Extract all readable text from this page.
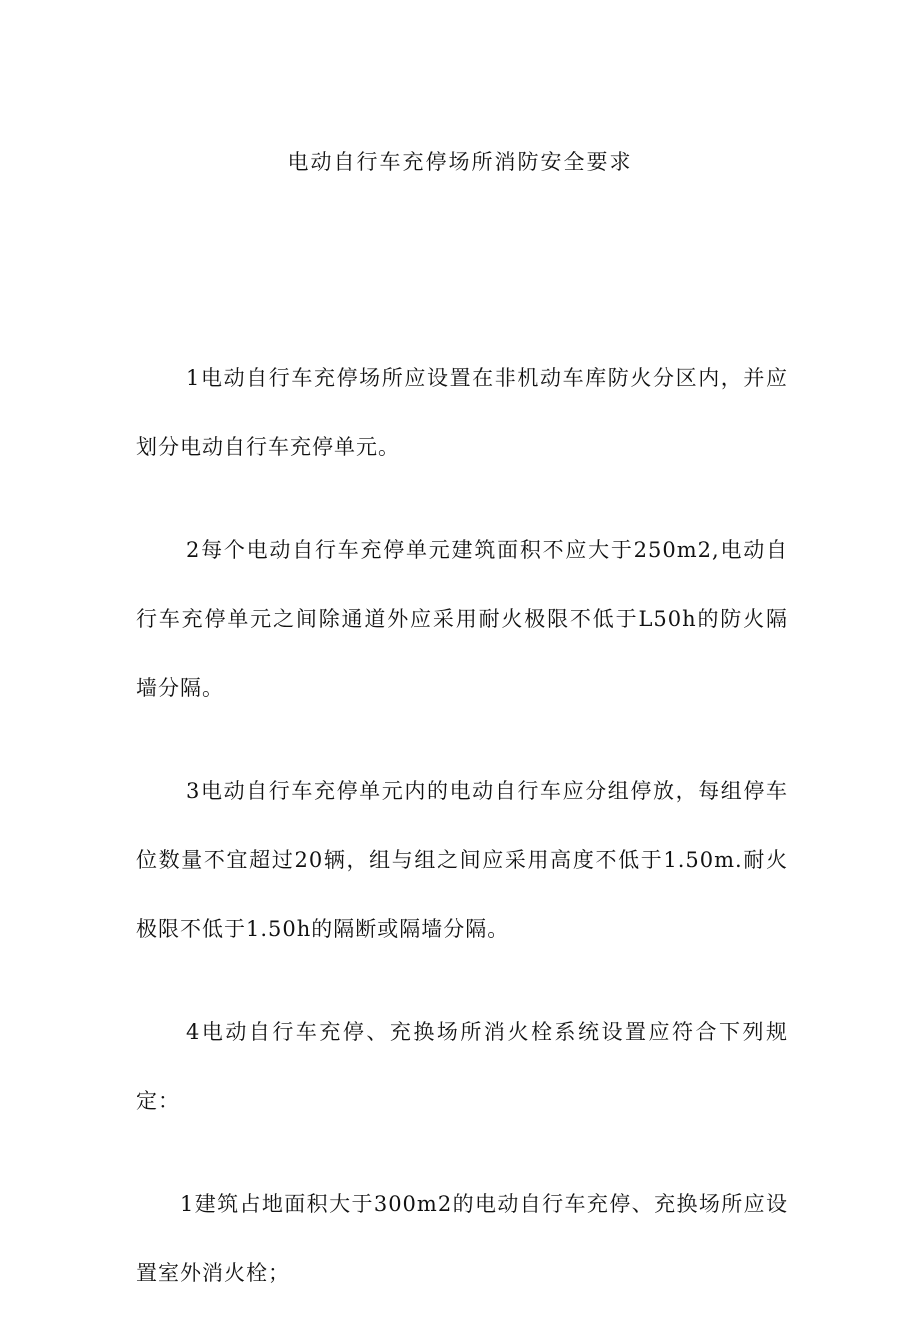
电动自行车充停场所消防安全要求

1电动自行车充停场所应设置在非机动车库防火分区内，并应划分电动自行车充停单元。

2每个电动自行车充停单元建筑面积不应大于250m2,电动自行车充停单元之间除通道外应采用耐火极限不低于L50h的防火隔墙分隔。

3电动自行车充停单元内的电动自行车应分组停放，每组停车位数量不宜超过20辆，组与组之间应采用高度不低于1.50m.耐火极限不低于1.50h的隔断或隔墙分隔。

4电动自行车充停、充换场所消火栓系统设置应符合下列规定：

1建筑占地面积大于300m2的电动自行车充停、充换场所应设置室外消火栓；
